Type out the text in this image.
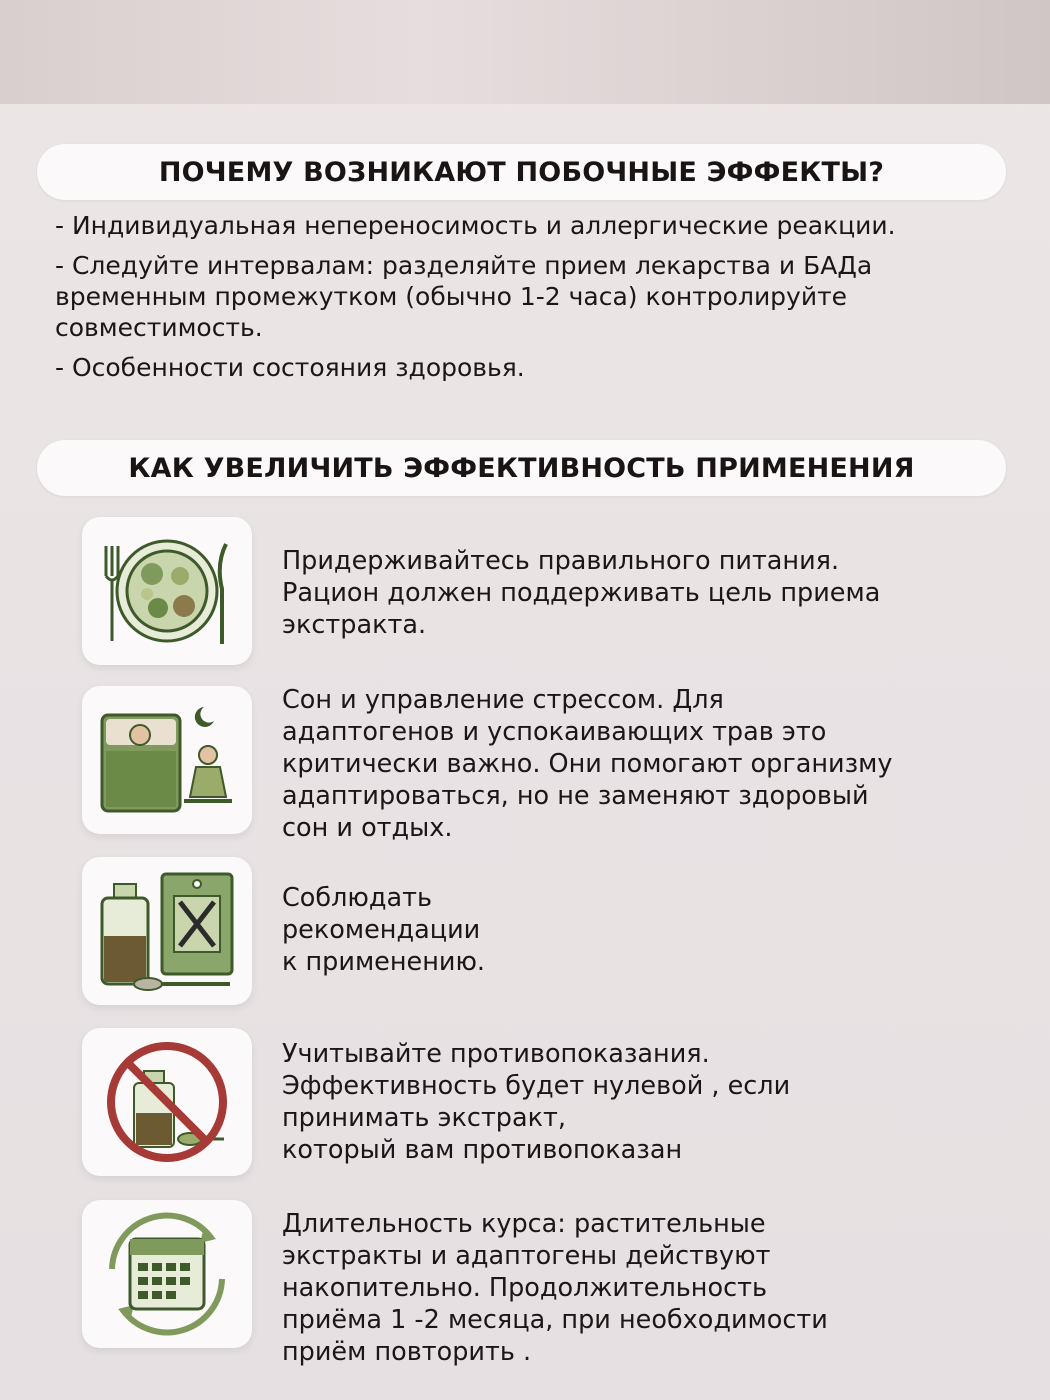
ПОЧЕМУ ВОЗНИКАЮТ ПОБОЧНЫЕ ЭФФЕКТЫ?

- Индивидуальная непереносимость и аллергические реакции.

- Следуйте интервалам: разделяйте прием лекарства и БАДа временным промежутком (обычно 1-2 часа) контролируйте совместимость.

- Особенности состояния здоровья.

КАК УВЕЛИЧИТЬ ЭФФЕКТИВНОСТЬ ПРИМЕНЕНИЯ
Придерживайтесь правильного питания.
Рацион должен поддерживать цель приема
экстракта.
Сон и управление стрессом. Для
адаптогенов и успокаивающих трав это
критически важно. Они помогают организму
адаптироваться, но не заменяют здоровый
сон и отдых.
Соблюдать
рекомендации
к применению.
Учитывайте противопоказания.
Эффективность будет нулевой , если
принимать экстракт,
который вам противопоказан
Длительность курса: растительные
экстракты и адаптогены действуют
накопительно. Продолжительность
приёма 1 -2 месяца, при необходимости
приём повторить .
